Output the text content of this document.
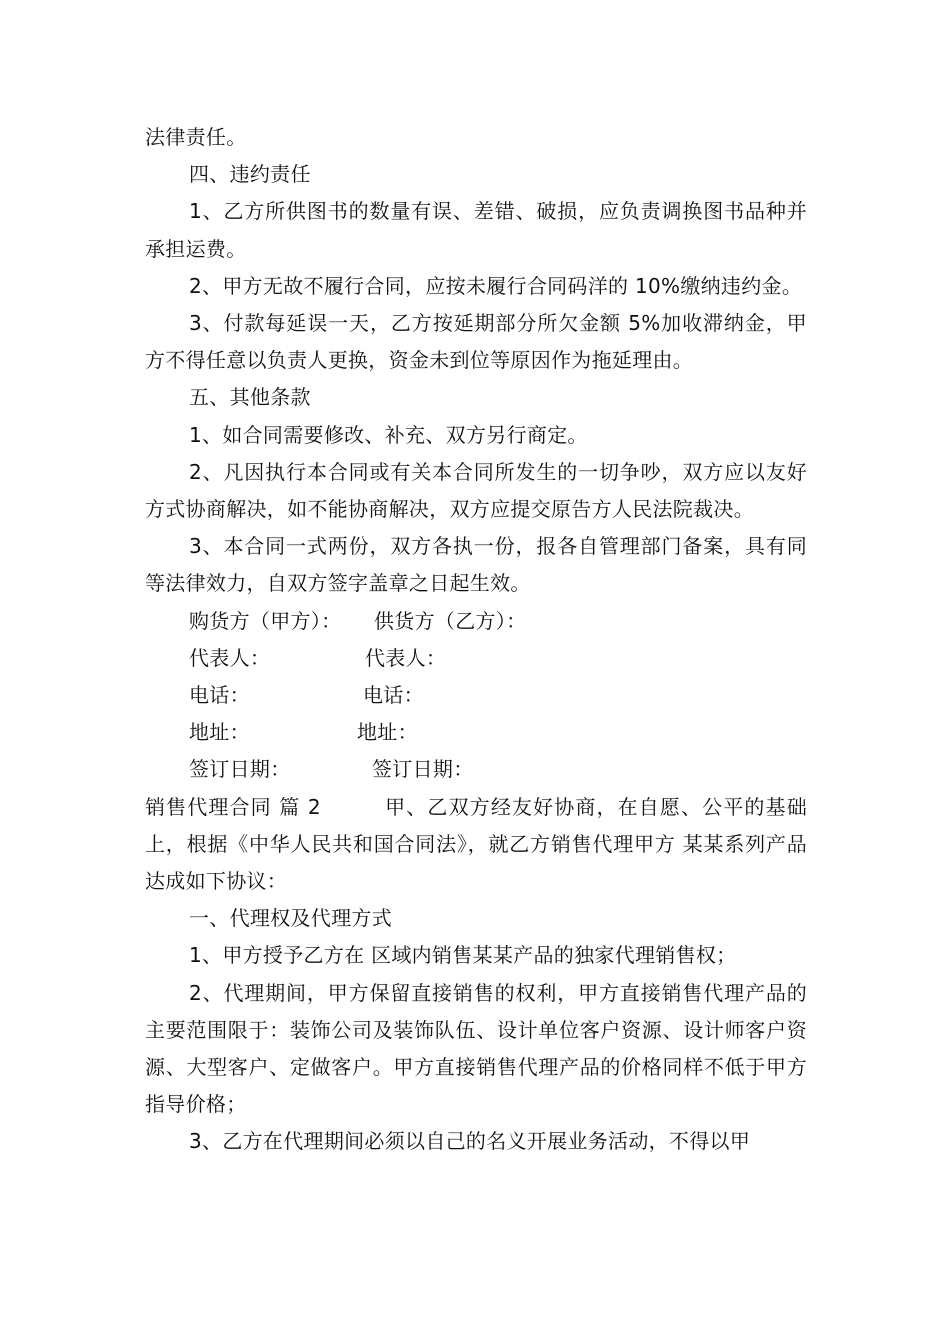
法律责任。

四、违约责任

1、乙方所供图书的数量有误、差错、破损，应负责调换图书品种并承担运费。

2、甲方无故不履行合同，应按未履行合同码洋的 10%缴纳违约金。

3、付款每延误一天，乙方按延期部分所欠金额 5%加收滞纳金，甲方不得任意以负责人更换，资金未到位等原因作为拖延理由。

五、其他条款

1、如合同需要修改、补充、双方另行商定。

2、凡因执行本合同或有关本合同所发生的一切争吵，双方应以友好方式协商解决，如不能协商解决，双方应提交原告方人民法院裁决。

3、本合同一式两份，双方各执一份，报各自管理部门备案，具有同等法律效力，自双方签字盖章之日起生效。

购货方（甲方）：	供货方（乙方）：
代表人：	代表人：
电话：	电话：
地址：	地址：
签订日期：	签订日期：

销售代理合同 篇 2　　　甲、乙双方经友好协商，在自愿、公平的基础上，根据《中华人民共和国合同法》，就乙方销售代理甲方 某某系列产品达成如下协议：

一、代理权及代理方式

1、甲方授予乙方在 区域内销售某某产品的独家代理销售权；

2、代理期间，甲方保留直接销售的权利，甲方直接销售代理产品的主要范围限于：装饰公司及装饰队伍、设计单位客户资源、设计师客户资源、大型客户、定做客户。甲方直接销售代理产品的价格同样不低于甲方指导价格；

3、乙方在代理期间必须以自己的名义开展业务活动，不得以甲
